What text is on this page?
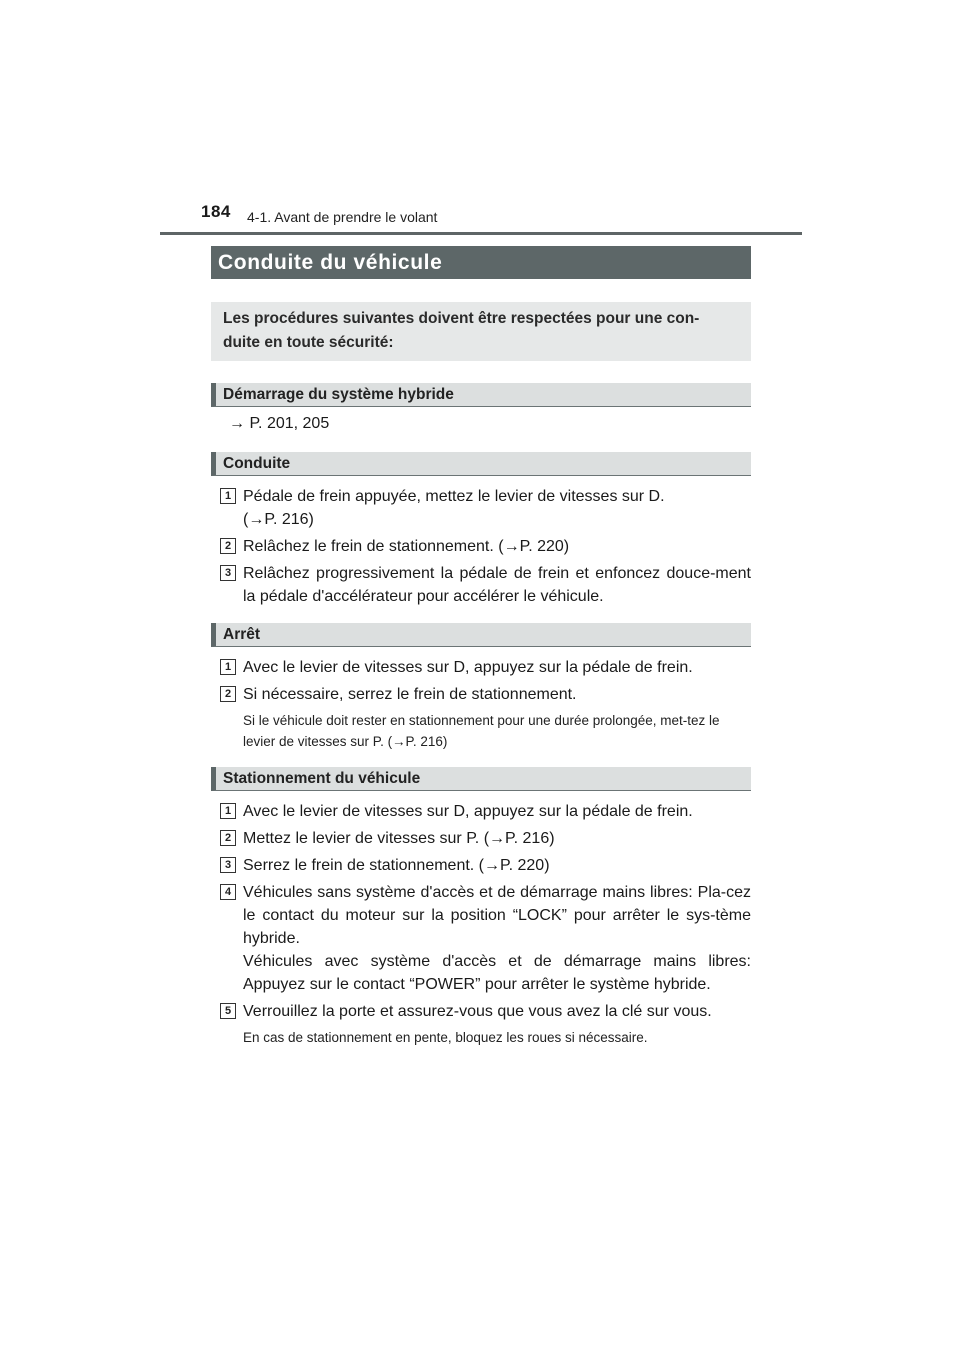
184 4-1. Avant de prendre le volant
Conduite du véhicule
Les procédures suivantes doivent être respectées pour une con-
duite en toute sécurité:
Démarrage du système hybride
→ P. 201, 205
Conduite
1 Pédale de frein appuyée, mettez le levier de vitesses sur D.
(→P. 216)
2 Relâchez le frein de stationnement. (→P. 220)
3 Relâchez progressivement la pédale de frein et enfoncez douce-ment la pédale d'accélérateur pour accélérer le véhicule.
Arrêt
1 Avec le levier de vitesses sur D, appuyez sur la pédale de frein.
2 Si nécessaire, serrez le frein de stationnement.
Si le véhicule doit rester en stationnement pour une durée prolongée, met-tez le levier de vitesses sur P. (→P. 216)
Stationnement du véhicule
1 Avec le levier de vitesses sur D, appuyez sur la pédale de frein.
2 Mettez le levier de vitesses sur P. (→P. 216)
3 Serrez le frein de stationnement. (→P. 220)
4 Véhicules sans système d'accès et de démarrage mains libres: Pla-cez le contact du moteur sur la position “LOCK” pour arrêter le sys-tème hybride.
Véhicules avec système d'accès et de démarrage mains libres: Appuyez sur le contact “POWER” pour arrêter le système hybride.
5 Verrouillez la porte et assurez-vous que vous avez la clé sur vous.
En cas de stationnement en pente, bloquez les roues si nécessaire.
